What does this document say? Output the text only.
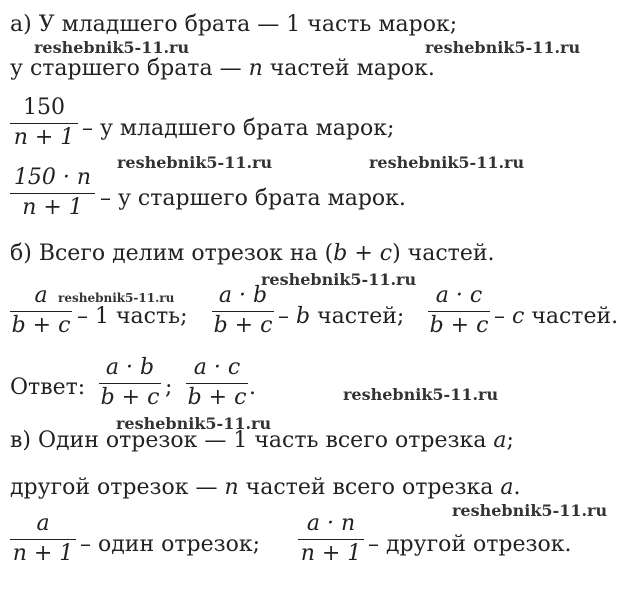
а) У младшего брата — 1 часть марок;
у старшего брата — n частей марок.
150
n + 1 – у младшего брата марок;
150 · n
n + 1 – у старшего брата марок.
б) Всего делим отрезок на (b + c) частей.
a
b + c – 1 часть;
a · b
b + c – b частей;
a · c
b + c – c частей.
Ответ:
a · b
b + c ;
a · c
b + c .
в) Один отрезок — 1 часть всего отрезка a;
другой отрезок — n частей всего отрезка a.
a
n + 1 – один отрезок;
a · n
n + 1 – другой отрезок.
reshebnik5-11.ru	reshebnik5-11.ru
reshebnik5-11.ru	reshebnik5-11.ru
reshebnik5-11.ru
reshebnik5-11.ru
reshebnik5-11.ru
reshebnik5-11.ru
reshebnik5-11.ru
